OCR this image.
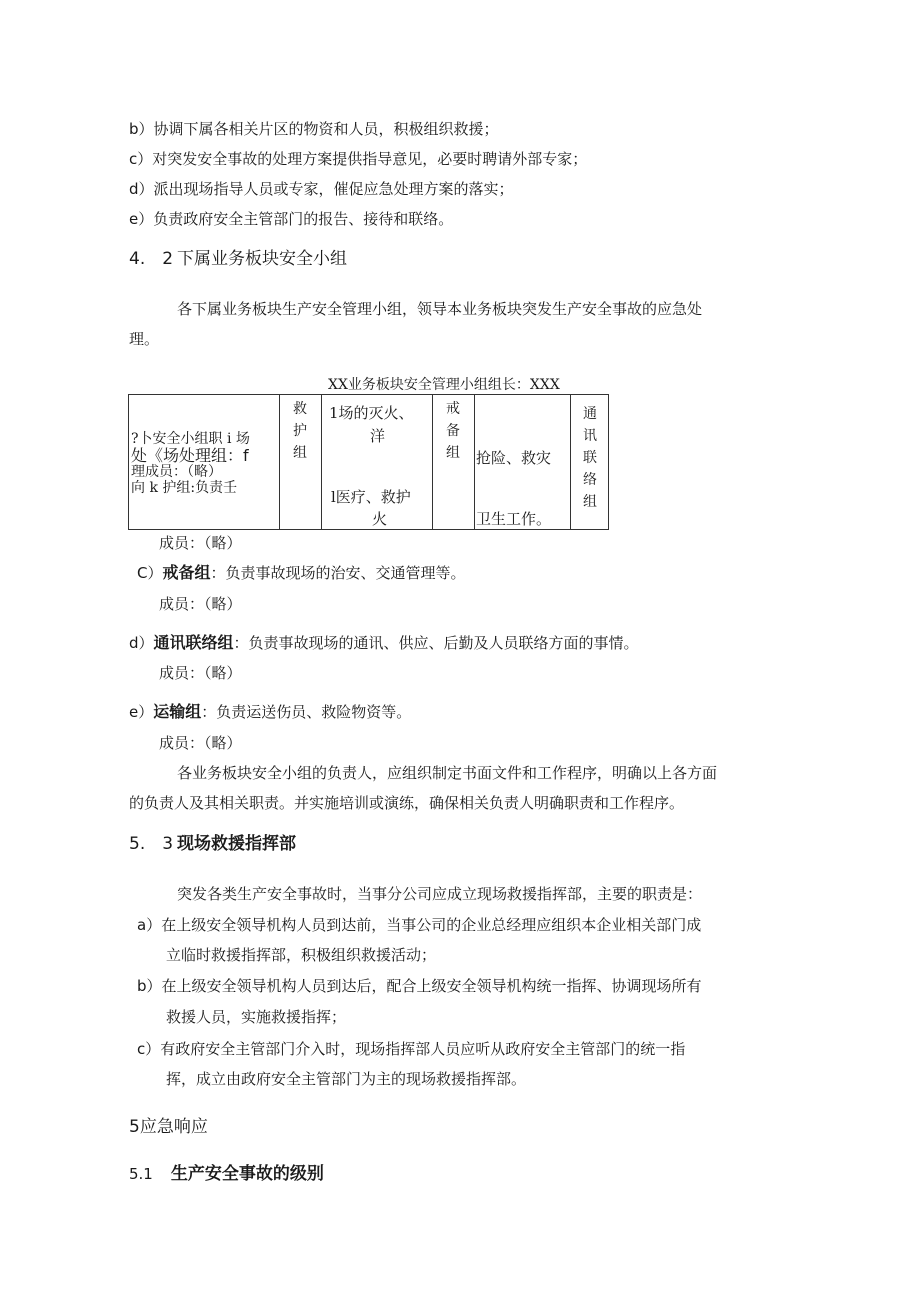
b）协调下属各相关片区的物资和人员，积极组织救援；
c）对突发安全事故的处理方案提供指导意见，必要时聘请外部专家；
d）派出现场指导人员或专家，催促应急处理方案的落实；
e）负责政府安全主管部门的报告、接待和联络。
4.　2 下属业务板块安全小组
各下属业务板块生产安全管理小组，领导本业务板块突发生产安全事故的应急处
理。
XX业务板块安全管理小组组长：XXX
?卜安全小组职 i 场
处《场处理组：f
理成员：（略）
向 k 护组:负责壬
救护组
1场的灭火、
洋
l医疗、救护
火
戒备组 抢险、救灾
卫生工作。
通讯联络组
成员：（略）
C）戒备组：负责事故现场的治安、交通管理等。
成员：（略）
d）通讯联络组：负责事故现场的通讯、供应、后勤及人员联络方面的事情。
成员：（略）
e）运输组：负责运送伤员、救险物资等。
成员：（略）
各业务板块安全小组的负责人，应组织制定书面文件和工作程序，明确以上各方面
的负责人及其相关职责。并实施培训或演练，确保相关负责人明确职责和工作程序。
5.　3 现场救援指挥部
突发各类生产安全事故时，当事分公司应成立现场救援指挥部，主要的职责是：
a）在上级安全领导机构人员到达前，当事公司的企业总经理应组织本企业相关部门成
立临时救援指挥部，积极组织救援活动；
b）在上级安全领导机构人员到达后，配合上级安全领导机构统一指挥、协调现场所有
救援人员，实施救援指挥；
c）有政府安全主管部门介入时，现场指挥部人员应听从政府安全主管部门的统一指
挥，成立由政府安全主管部门为主的现场救援指挥部。
5应急响应
5.1 生产安全事故的级别
